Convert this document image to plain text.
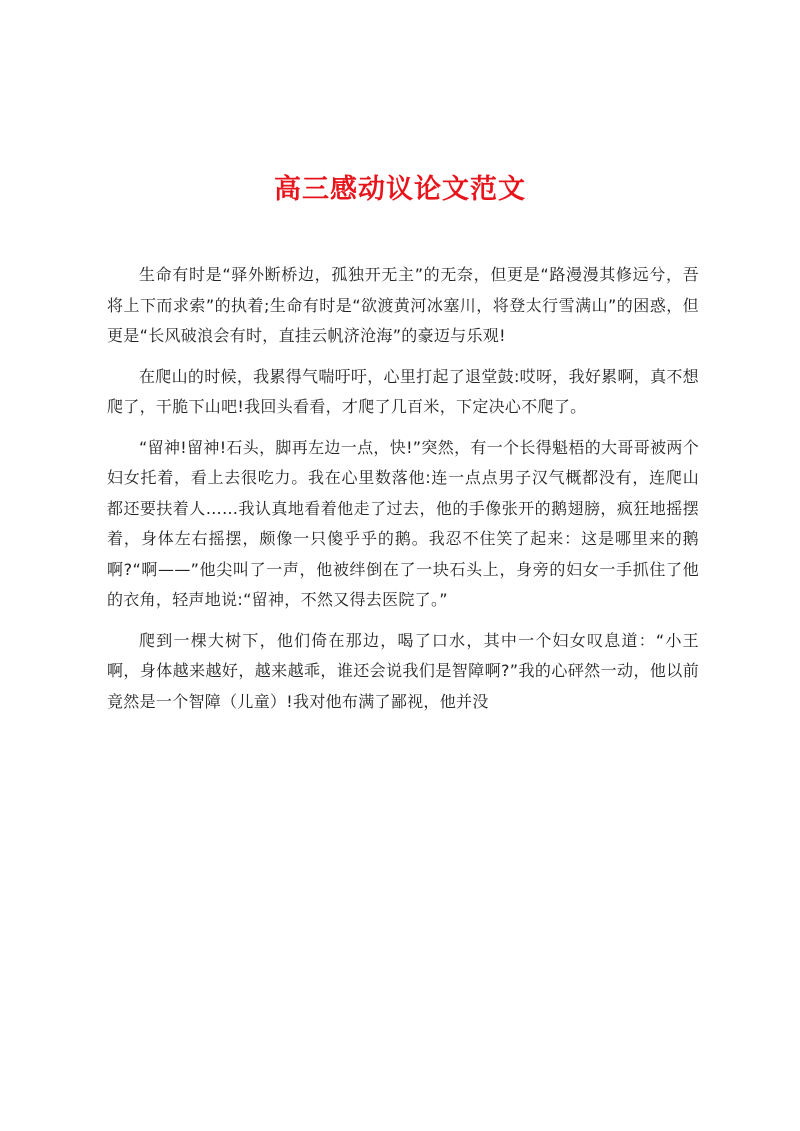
高三感动议论文范文

生命有时是“驿外断桥边，孤独开无主”的无奈，但更是“路漫漫其修远兮，吾将上下而求索”的执着;生命有时是“欲渡黄河冰塞川，将登太行雪满山”的困惑，但更是“长风破浪会有时，直挂云帆济沧海”的豪迈与乐观!

在爬山的时候，我累得气喘吁吁，心里打起了退堂鼓:哎呀，我好累啊，真不想爬了，干脆下山吧!我回头看看，才爬了几百米，下定决心不爬了。

“留神!留神!石头，脚再左边一点，快!”突然，有一个长得魁梧的大哥哥被两个妇女托着，看上去很吃力。我在心里数落他:连一点点男子汉气概都没有，连爬山都还要扶着人……我认真地看着他走了过去，他的手像张开的鹅翅膀，疯狂地摇摆着，身体左右摇摆，颇像一只傻乎乎的鹅。我忍不住笑了起来：这是哪里来的鹅啊?“啊——”他尖叫了一声，他被绊倒在了一块石头上，身旁的妇女一手抓住了他的衣角，轻声地说:“留神，不然又得去医院了。”

爬到一棵大树下，他们倚在那边，喝了口水，其中一个妇女叹息道：“小王啊，身体越来越好，越来越乖，谁还会说我们是智障啊?”我的心砰然一动，他以前竟然是一个智障（儿童）!我对他布满了鄙视，他并没
